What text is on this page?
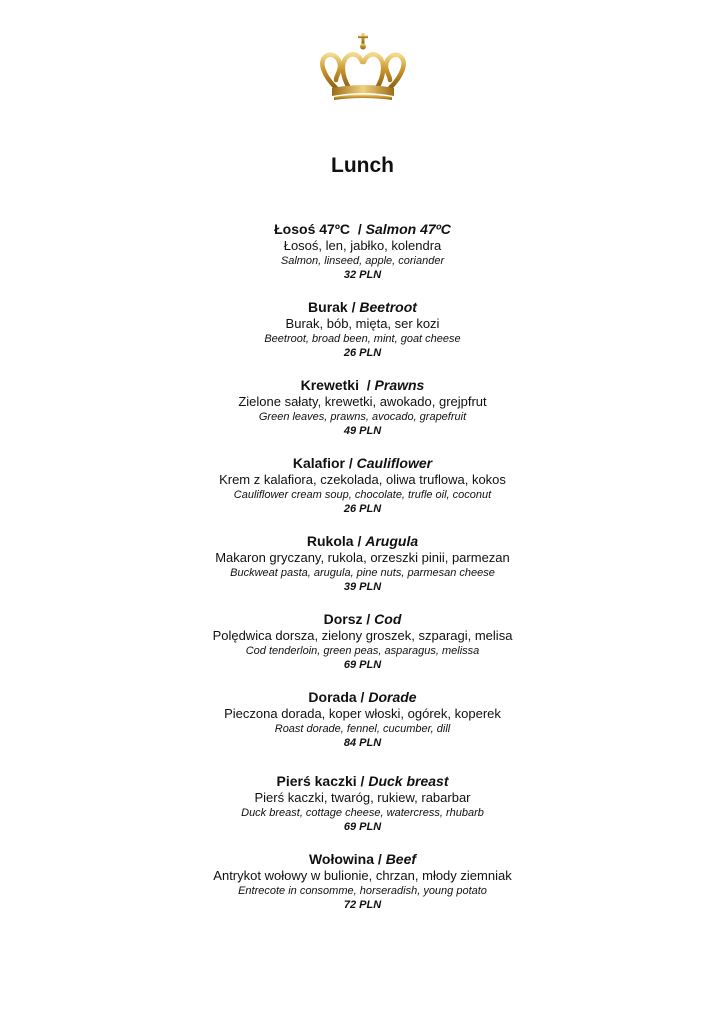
Lunch
Łosoś 47ºC  / Salmon 47ºC
Łosoś, len, jabłko, kolendra
Salmon, linseed, apple, coriander
32 PLN
Burak / Beetroot
Burak, bób, mięta, ser kozi
Beetroot, broad been, mint, goat cheese
26 PLN
Krewetki  / Prawns
Zielone sałaty, krewetki, awokado, grejpfrut
Green leaves, prawns, avocado, grapefruit
49 PLN
Kalafior / Cauliflower
Krem z kalafiora, czekolada, oliwa truflowa, kokos
Cauliflower cream soup, chocolate, trufle oil, coconut
26 PLN
Rukola / Arugula
Makaron gryczany, rukola, orzeszki pinii, parmezan
Buckweat pasta, arugula, pine nuts, parmesan cheese
39 PLN
Dorsz / Cod
Polędwica dorsza, zielony groszek, szparagi, melisa
Cod tenderloin, green peas, asparagus, melissa
69 PLN
Dorada / Dorade
Pieczona dorada, koper włoski, ogórek, koperek
Roast dorade, fennel, cucumber, dill
84 PLN
Pierś kaczki / Duck breast
Pierś kaczki, twaróg, rukiew, rabarbar
Duck breast, cottage cheese, watercress, rhubarb
69 PLN
Wołowina / Beef
Antrykot wołowy w bulionie, chrzan, młody ziemniak
Entrecote in consomme, horseradish, young potato
72 PLN
